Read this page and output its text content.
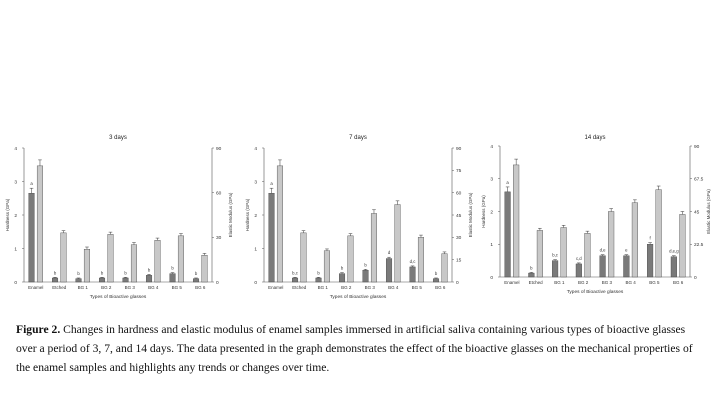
3 days
0
1
2
3
4
0
30
60
90
Hardness (GPa)	Elastic Modulus (GPa)
Types of Bioactive glasses
a
Enamel
b
Etched
b
BG 1
b
BG 2
b
BG 3
b
BG 4
b
BG 5
b
BG 6
7 days
0
1
2
3
4
0
15
30
45
60
75
90
Hardness (GPa)	Elastic Modulus (GPa)
Types of Bioactive glasses
a
Enamel
b,c
Etched
b
BG 1
b
BG 2
b
BG 3
d
BG 4
d,c
BG 5
b
BG 6
14 days
0
1
2
3
4
0
22.5
45
67.5
90
Hardness (GPa)	Elastic Modulus (GPa)
Types of Bioactive glasses
a
Enamel
b
Etched
b,c
BG 1
c,d
BG 2
d,e
BG 3
e
BG 4
f
BG 5
d,e,g
BG 6
Figure 2. Changes in hardness and elastic modulus of enamel samples immersed in artificial saliva containing various types of bioactive glasses over a period of 3, 7, and 14 days. The data presented in the graph demonstrates the effect of the bioactive glasses on the mechanical properties of the enamel samples and highlights any trends or changes over time.
